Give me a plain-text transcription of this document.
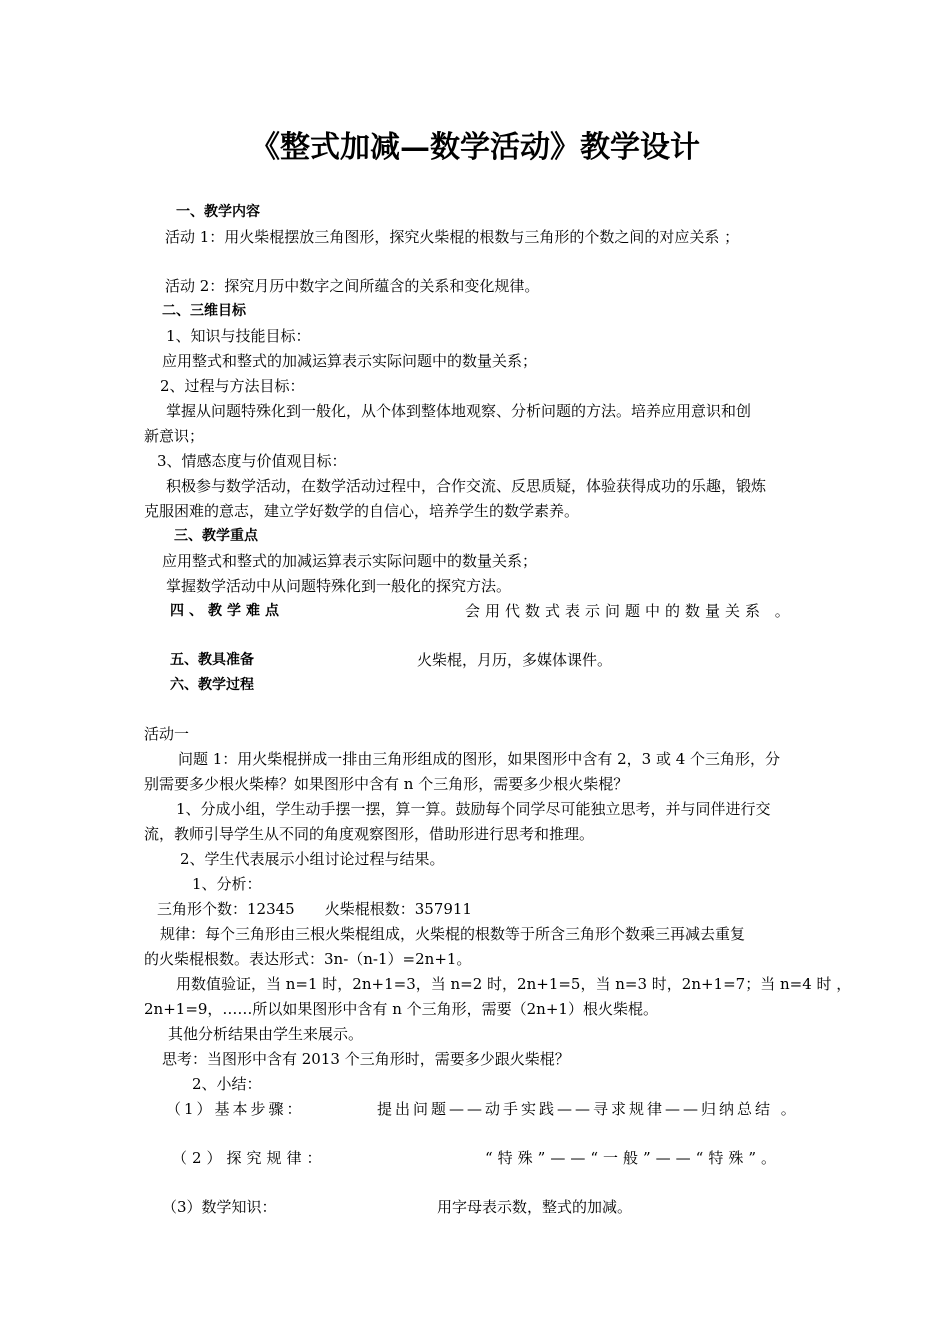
《整式加减—数学活动》教学设计
一、教学内容
活动 1：用火柴棍摆放三角图形，探究火柴棍的根数与三角形的个数之间的对应关系 ；
活动 2：探究月历中数字之间所蕴含的关系和变化规律。
二、三维目标
1、知识与技能目标：
应用整式和整式的加减运算表示实际问题中的数量关系；
2、过程与方法目标：
掌握从问题特殊化到一般化，从个体到整体地观察、分析问题的方法。培养应用意识和创
新意识；
3、情感态度与价值观目标：
积极参与数学活动，在数学活动过程中，合作交流、反思质疑，体验获得成功的乐趣，锻炼
克服困难的意志，建立学好数学的自信心，培养学生的数学素养。
三、教学重点
应用整式和整式的加减运算表示实际问题中的数量关系；
掌握数学活动中从问题特殊化到一般化的探究方法。
四、教学难点	会用代数式表示问题中的数量关系 。
五、教具准备	火柴棍，月历，多媒体课件。
六、教学过程
活动一
问题 1：用火柴棍拼成一排由三角形组成的图形，如果图形中含有 2，3 或 4 个三角形，分
别需要多少根火柴棒？如果图形中含有 n 个三角形，需要多少根火柴棍？
1、分成小组，学生动手摆一摆，算一算。鼓励每个同学尽可能独立思考，并与同伴进行交
流，教师引导学生从不同的角度观察图形，借助形进行思考和推理。
2、学生代表展示小组讨论过程与结果。
1、分析：
三角形个数：12345　　火柴棍根数：357911
规律：每个三角形由三根火柴棍组成，火柴棍的根数等于所含三角形个数乘三再减去重复
的火柴棍根数。表达形式：3n-（n-1）=2n+1。
用数值验证，当 n=1 时，2n+1=3，当 n=2 时，2n+1=5，当 n=3 时，2n+1=7；当 n=4 时 ，
2n+1=9，……所以如果图形中含有 n 个三角形，需要（2n+1）根火柴棍。
其他分析结果由学生来展示。
思考：当图形中含有 2013 个三角形时，需要多少跟火柴棍？
2、小结：
（1）基本步骤：	提出问题——动手实践——寻求规律——归纳总结 。
（2）探究规律：	“特殊”——“一般”——“特殊”。
（3）数学知识：	用字母表示数，整式的加减。
